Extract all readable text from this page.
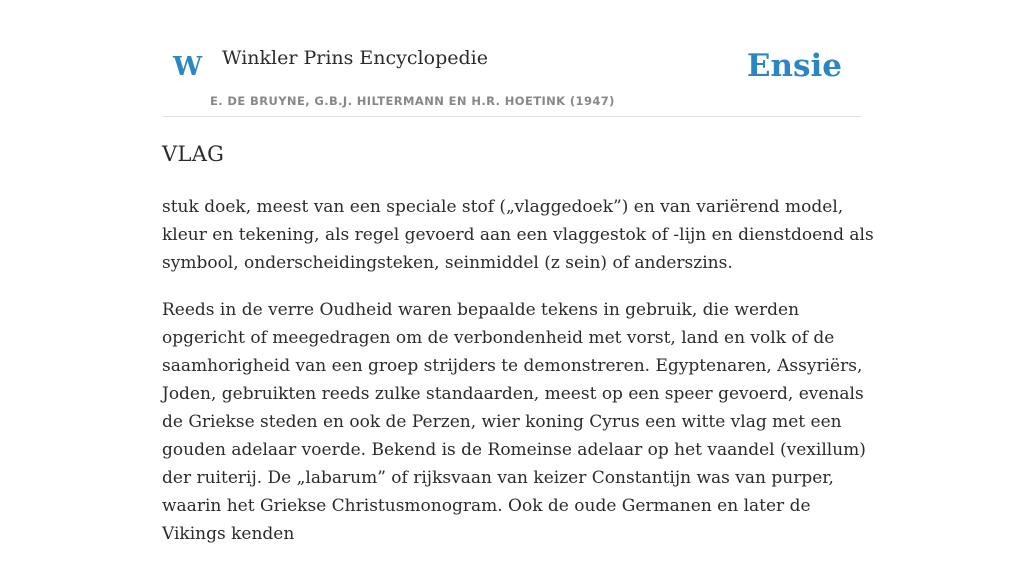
W Winkler Prins Encyclopedie
E. DE BRUYNE, G.B.J. HILTERMANN EN H.R. HOETINK (1947)
Ensie
VLAG

stuk doek, meest van een speciale stof („vlaggedoek”) en van variërend model, kleur en tekening, als regel gevoerd aan een vlaggestok of -lijn en dienstdoend als symbool, onderscheidingsteken, seinmiddel (z sein) of anderszins.

Reeds in de verre Oudheid waren bepaalde tekens in gebruik, die werden opgericht of meegedragen om de verbondenheid met vorst, land en volk of de saamhorigheid van een groep strijders te demonstreren. Egyptenaren, Assyriërs, Joden, gebruikten reeds zulke standaarden, meest op een speer gevoerd, evenals de Griekse steden en ook de Perzen, wier koning Cyrus een witte vlag met een gouden adelaar voerde. Bekend is de Romeinse adelaar op het vaandel (vexillum) der ruiterij. De „labarum” of rijksvaan van keizer Constantijn was van purper, waarin het Griekse Christusmonogram. Ook de oude Germanen en later de Vikings kenden
